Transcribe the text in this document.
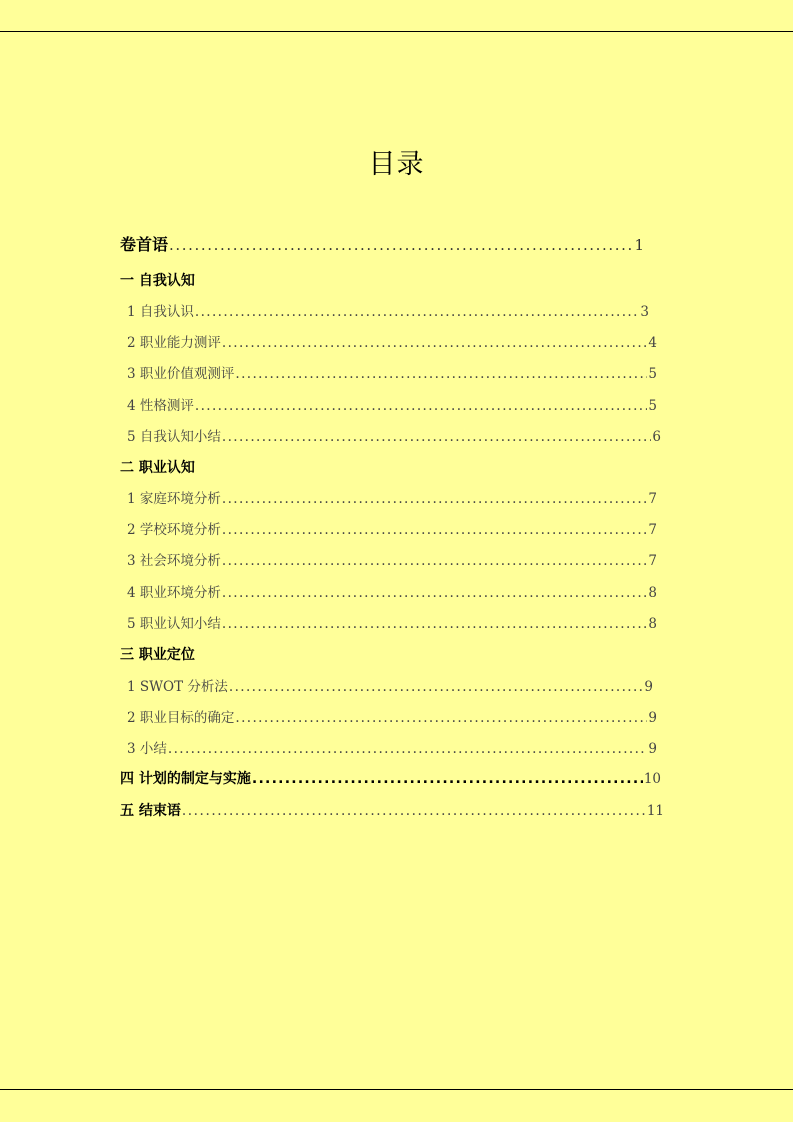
目录
卷首语 .....	1
一 自我认知
1 自我认识 .....	3
2 职业能力测评 .....	4
3 职业价值观测评 .....	5
4 性格测评 .....	5
5 自我认知小结 .....	6
二 职业认知
1 家庭环境分析 .....	7
2 学校环境分析 .....	7
3 社会环境分析 .....	7
4 职业环境分析 .....	8
5 职业认知小结 .....	8
三 职业定位
1 SWOT 分析法 .....	9
2 职业目标的确定 .....	9
3 小结 .....	9
四 计划的制定与实施 .....	10
五 结束语 .....	11
